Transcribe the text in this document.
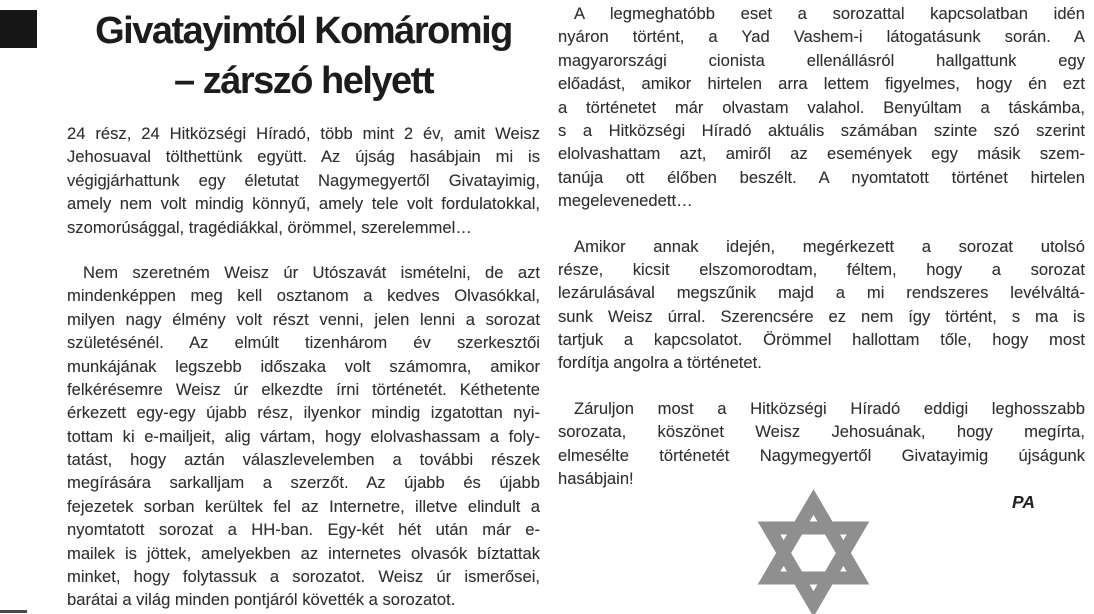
Givatayimtól Komáromig
– zárszó helyett
24 rész, 24 Hitközségi Híradó, több mint 2 év, amit Weisz
Jehosuaval tölthettünk együtt. Az újság hasábjain mi is
végigjárhattunk egy életutat Nagymegyertől Givatayimig,
amely nem volt mindig könnyű, amely tele volt fordulatokkal,
szomorúsággal, tragédiákkal, örömmel, szerelemmel…
Nem szeretném Weisz úr Utószavát ismételni, de azt
mindenképpen meg kell osztanom a kedves Olvasókkal,
milyen nagy élmény volt részt venni, jelen lenni a sorozat
születésénél. Az elmúlt tizenhárom év szerkesztői
munkájának legszebb időszaka volt számomra, amikor
felkérésemre Weisz úr elkezdte írni történetét. Kéthetente
érkezett egy-egy újabb rész, ilyenkor mindig izgatottan nyi-
tottam ki e-mailjeit, alig vártam, hogy elolvashassam a foly-
tatást, hogy aztán válaszlevelemben a további részek
megírására sarkalljam a szerzőt. Az újabb és újabb
fejezetek sorban kerültek fel az Internetre, illetve elindult a
nyomtatott sorozat a HH-ban. Egy-két hét után már e-
mailek is jöttek, amelyekben az internetes olvasók bíztattak
minket, hogy folytassuk a sorozatot. Weisz úr ismerősei,
barátai a világ minden pontjáról követték a sorozatot.
A legmeghatóbb eset a sorozattal kapcsolatban idén
nyáron történt, a Yad Vashem-i látogatásunk során. A
magyarországi cionista ellenállásról hallgattunk egy
előadást, amikor hirtelen arra lettem figyelmes, hogy én ezt
a történetet már olvastam valahol. Benyúltam a táskámba,
s a Hitközségi Híradó aktuális számában szinte szó szerint
elolvashattam azt, amiről az események egy másik szem-
tanúja ott élőben beszélt. A nyomtatott történet hirtelen
megelevenedett…
Amikor annak idején, megérkezett a sorozat utolsó
része, kicsit elszomorodtam, féltem, hogy a sorozat
lezárulásával megszűnik majd a mi rendszeres levélváltá-
sunk Weisz úrral. Szerencsére ez nem így történt, s ma is
tartjuk a kapcsolatot. Örömmel hallottam tőle, hogy most
fordítja angolra a történetet.
Záruljon most a Hitközségi Híradó eddigi leghosszabb
sorozata, köszönet Weisz Jehosuának, hogy megírta,
elmesélte történetét Nagymegyertől Givatayimig újságunk
hasábjain!
PA
